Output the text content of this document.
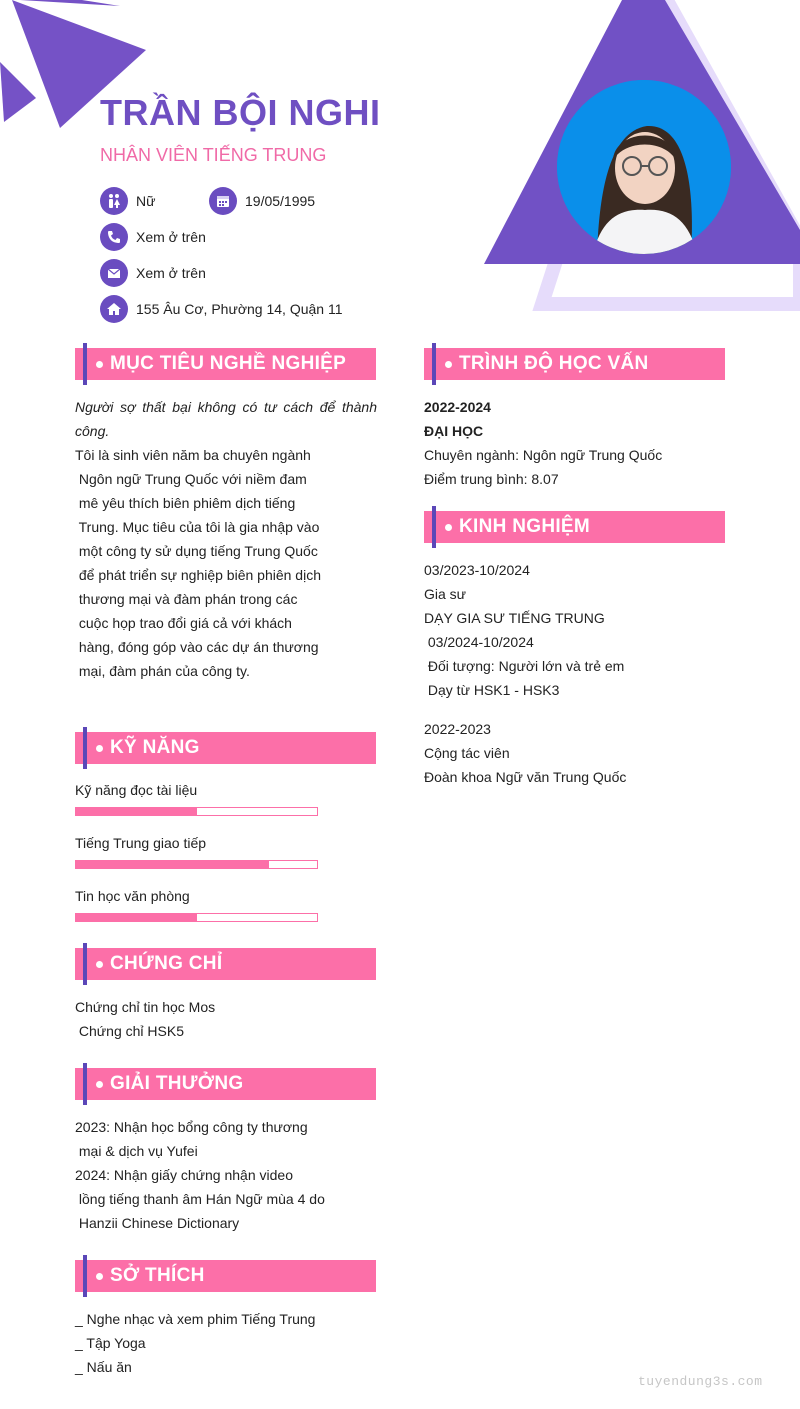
TRẦN BỘI NGHI
NHÂN VIÊN TIẾNG TRUNG
Nữ	19/05/1995
Xem ở trên
Xem ở trên
155 Âu Cơ, Phường 14, Quận 11
MỤC TIÊU NGHỀ NGHIỆP
Người sợ thất bại không có tư cách để thành
công.
Tôi là sinh viên năm ba chuyên ngành
Ngôn ngữ Trung Quốc với niềm đam
mê yêu thích biên phiêm dịch tiếng
Trung. Mục tiêu của tôi là gia nhập vào
một công ty sử dụng tiếng Trung Quốc
để phát triển sự nghiệp biên phiên dịch
thương mại và đàm phán trong các
cuộc họp trao đổi giá cả với khách
hàng, đóng góp vào các dự án thương
mại, đàm phán của công ty.
KỸ NĂNG
Kỹ năng đọc tài liệu
Tiếng Trung giao tiếp
Tin học văn phòng
CHỨNG CHỈ
Chứng chỉ tin học Mos
Chứng chỉ HSK5
GIẢI THƯỞNG
2023: Nhận học bổng công ty thương
mại & dịch vụ Yufei
2024: Nhận giấy chứng nhận video
lồng tiếng thanh âm Hán Ngữ mùa 4 do
Hanzii Chinese Dictionary
SỞ THÍCH
_ Nghe nhạc và xem phim Tiếng Trung
_ Tập Yoga
_ Nấu ăn
TRÌNH ĐỘ HỌC VẤN
2022-2024
ĐẠI HỌC
Chuyên ngành: Ngôn ngữ Trung Quốc
Điểm trung bình: 8.07
KINH NGHIỆM
03/2023-10/2024
Gia sư
DẠY GIA SƯ TIẾNG TRUNG
03/2024-10/2024
Đối tượng: Người lớn và trẻ em
Dạy từ HSK1 - HSK3
2022-2023
Cộng tác viên
Đoàn khoa Ngữ văn Trung Quốc
tuyendung3s.com
